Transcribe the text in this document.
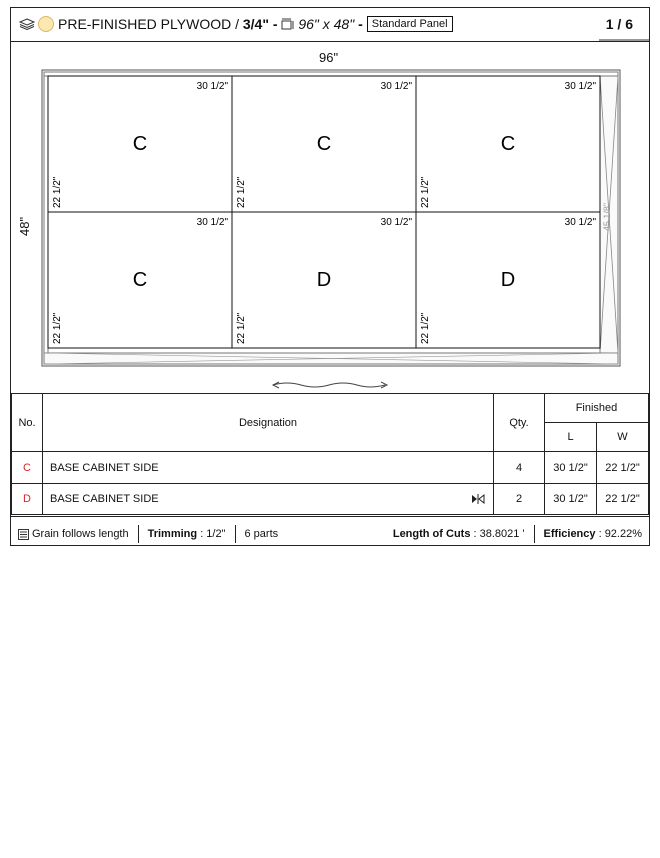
PRE-FINISHED PLYWOOD
/
3/4"
-

96" x 48"
- Standard Panel	1 / 6
96"
48"	45 1/8"
C
30 1/2"
22 1/2"
C
30 1/2"
22 1/2"
C
30 1/2"
22 1/2"
C
30 1/2"
22 1/2"
D
30 1/2"
22 1/2"
D
30 1/2"
22 1/2"
No.	Designation	Qty.	Finished	
			L	W
C	BASE CABINET SIDE	4	30 1/2"	22 1/2"
D	BASE CABINET SIDE	2	30 1/2"	22 1/2"
Grain follows length Trimming
: 1/2" 6 parts	Length of Cuts
: 38.8021 ' Efficiency
: 92.22%
